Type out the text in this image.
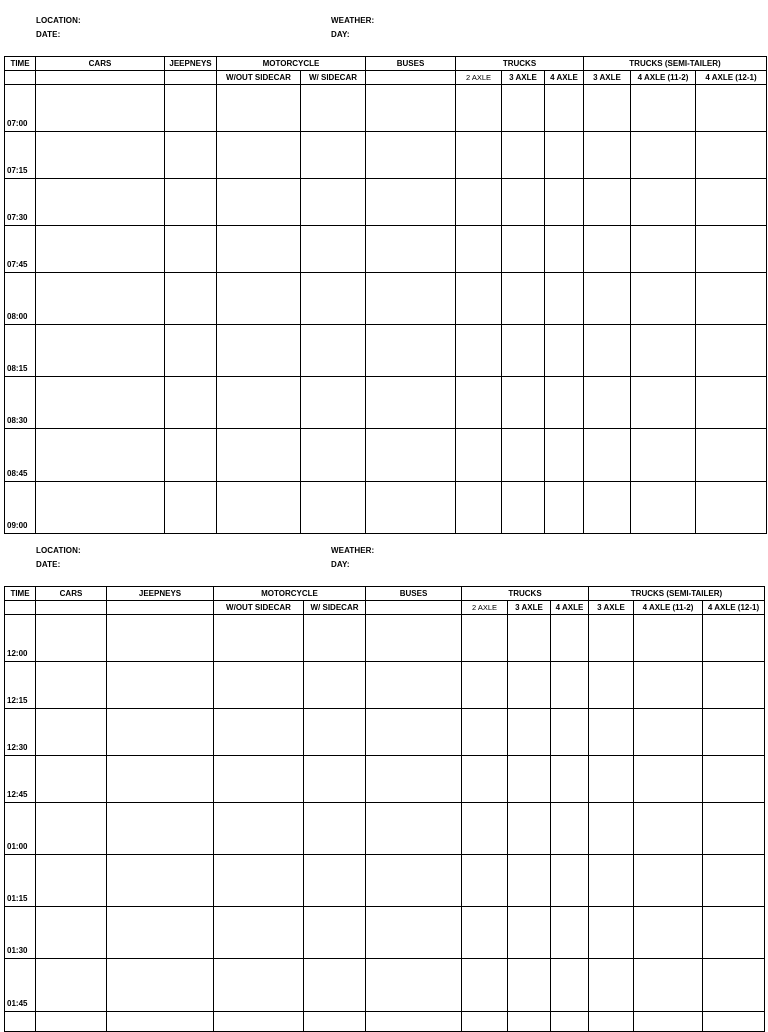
LOCATION:
DATE:
WEATHER:
DAY:
TIME	CARS	JEEPNEYS	MOTORCYCLE		BUSES	TRUCKS			TRUCKS (SEMI-TAILER)		
			W/OUT SIDECAR	W/ SIDECAR		2 AXLE	3 AXLE	4 AXLE	3 AXLE	4 AXLE (11-2)	4 AXLE (12-1)
07:00											
07:15											
07:30											
07:45											
08:00											
08:15											
08:30											
08:45											
09:00											
LOCATION:
DATE:
WEATHER:
DAY:
TIME	CARS	JEEPNEYS	MOTORCYCLE		BUSES	TRUCKS			TRUCKS (SEMI-TAILER)		
			W/OUT SIDECAR	W/ SIDECAR		2 AXLE	3 AXLE	4 AXLE	3 AXLE	4 AXLE (11-2)	4 AXLE (12-1)
12:00											
12:15											
12:30											
12:45											
01:00											
01:15											
01:30											
01:45											
